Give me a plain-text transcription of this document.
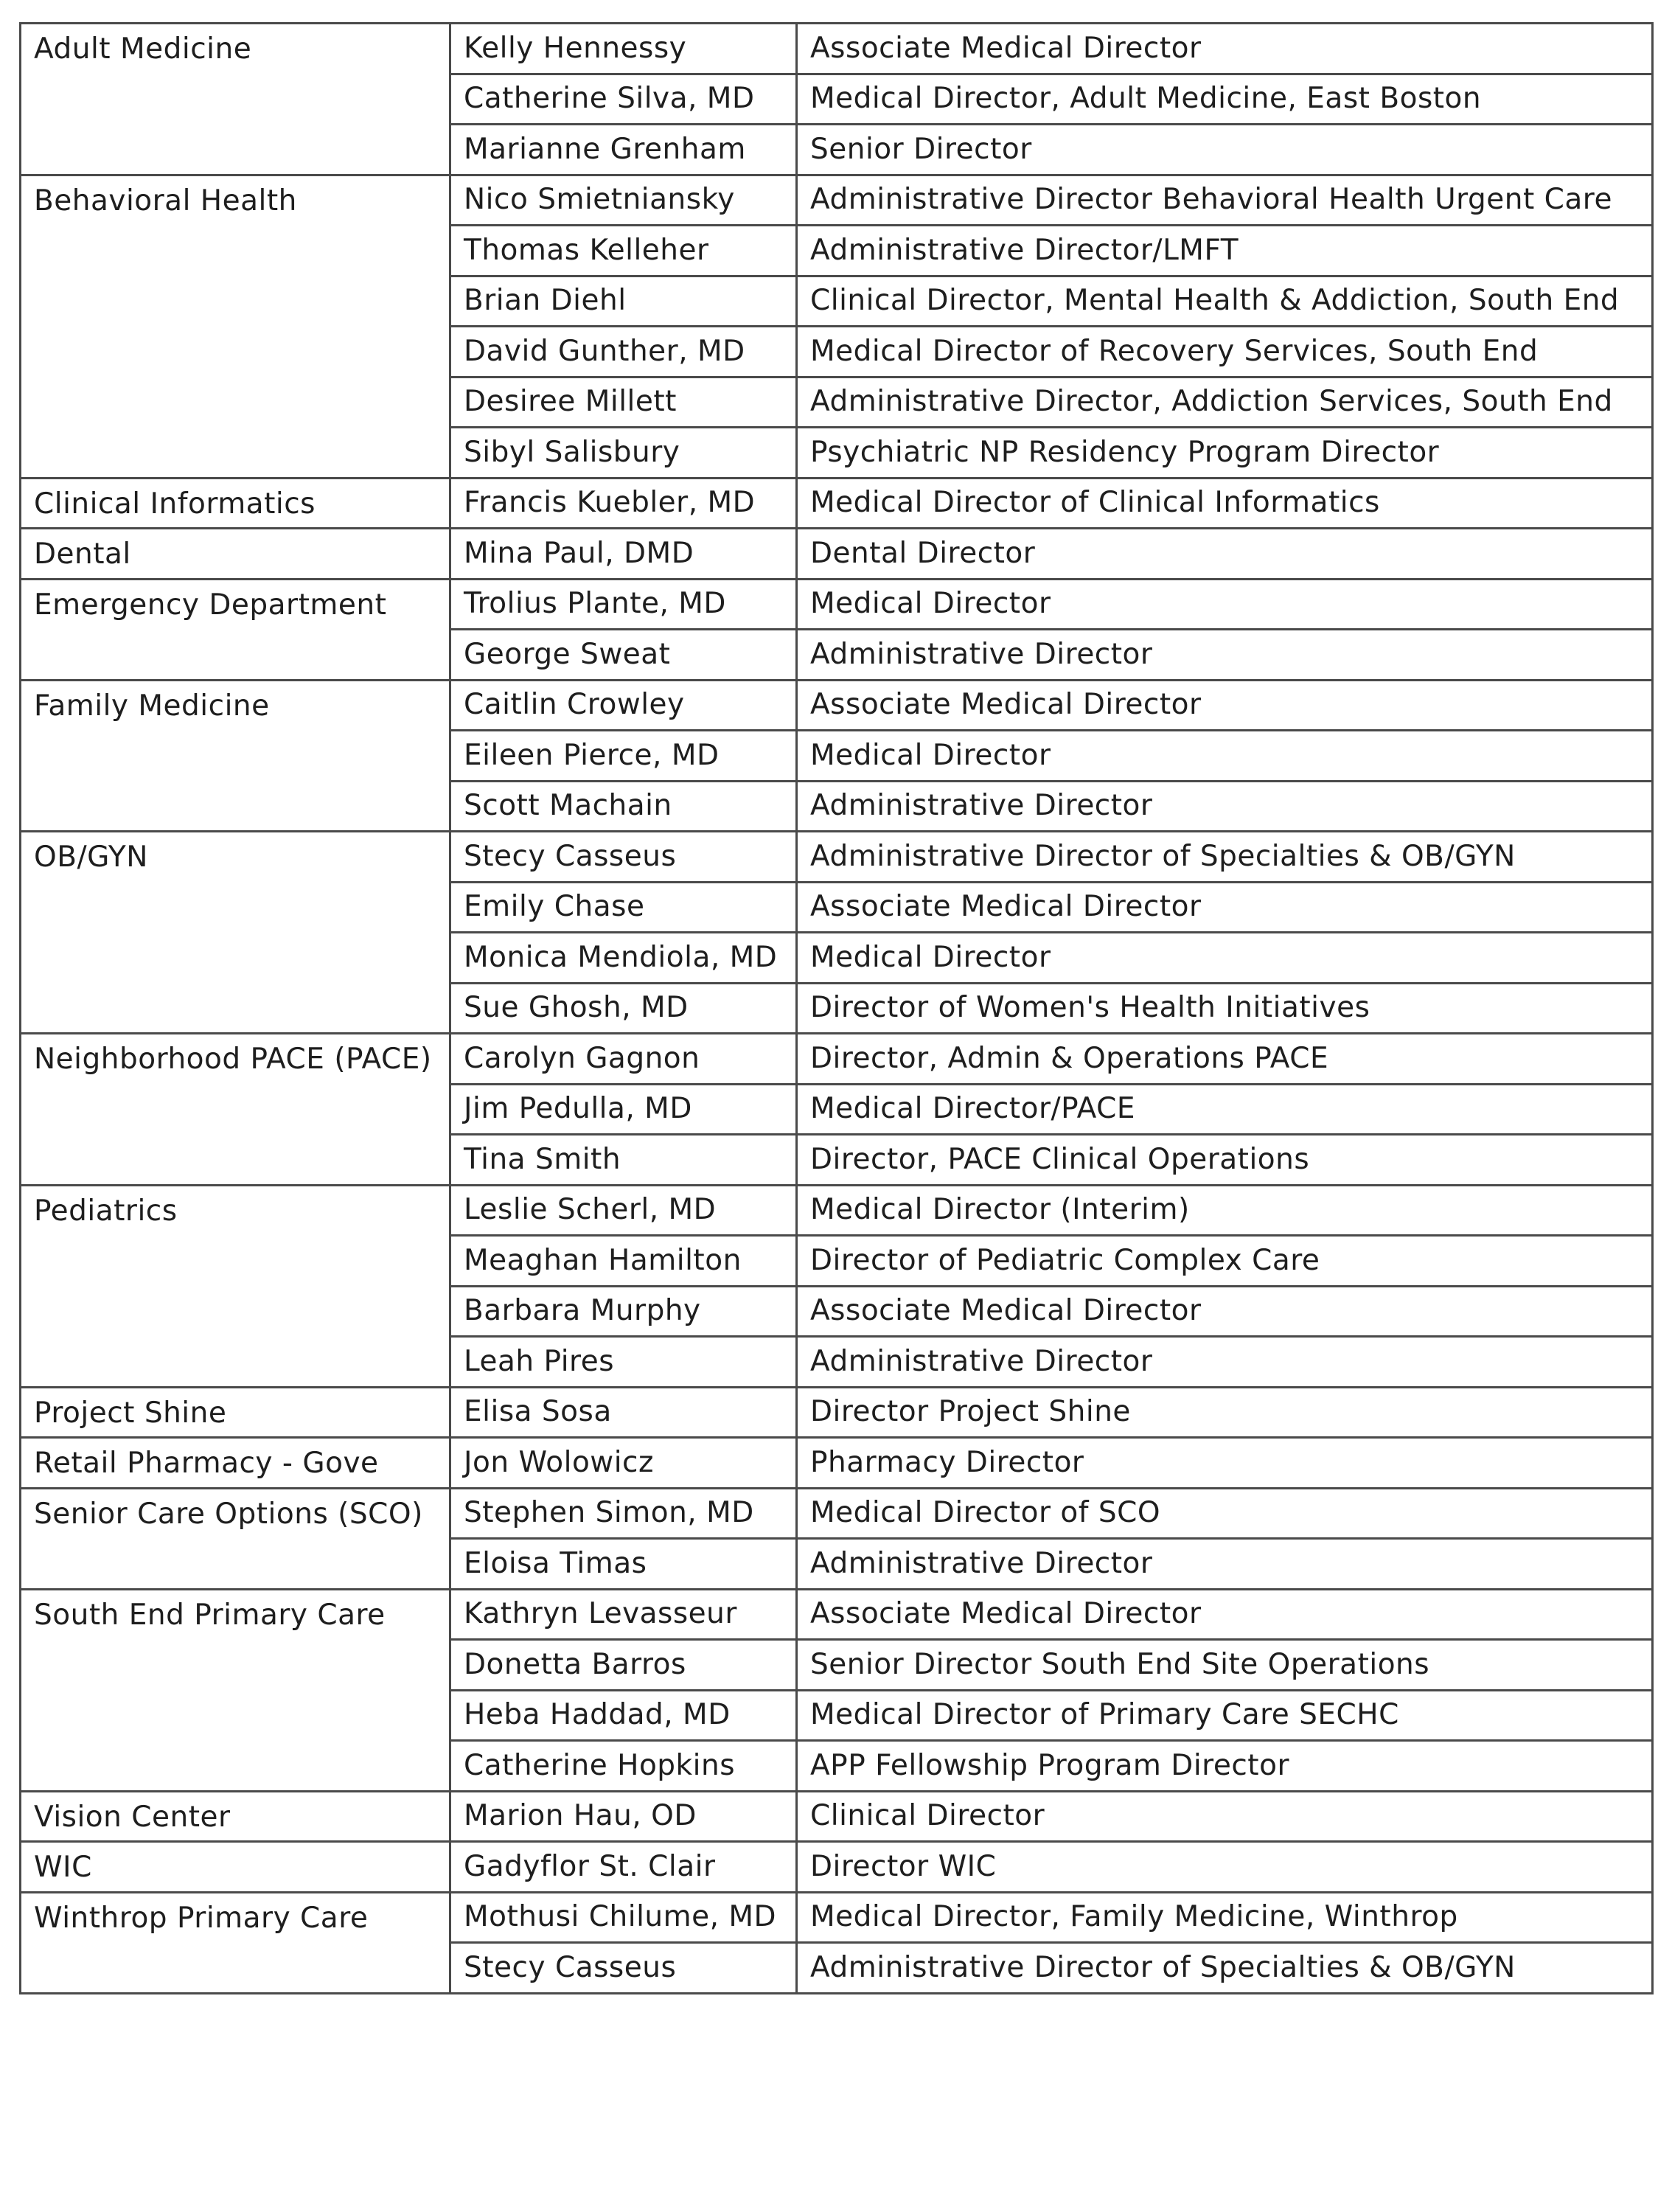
Adult Medicine	Kelly Hennessy	Associate Medical Director
	Catherine Silva, MD	Medical Director, Adult Medicine, East Boston
	Marianne Grenham	Senior Director
Behavioral Health	Nico Smietniansky	Administrative Director Behavioral Health Urgent Care
	Thomas Kelleher	Administrative Director/LMFT
	Brian Diehl	Clinical Director, Mental Health & Addiction, South End
	David Gunther, MD	Medical Director of Recovery Services, South End
	Desiree Millett	Administrative Director, Addiction Services, South End
	Sibyl Salisbury	Psychiatric NP Residency Program Director
Clinical Informatics	Francis Kuebler, MD	Medical Director of Clinical Informatics
Dental	Mina Paul, DMD	Dental Director
Emergency Department	Trolius Plante, MD	Medical Director
	George Sweat	Administrative Director
Family Medicine	Caitlin Crowley	Associate Medical Director
	Eileen Pierce, MD	Medical Director
	Scott Machain	Administrative Director
OB/GYN	Stecy Casseus	Administrative Director of Specialties & OB/GYN
	Emily Chase	Associate Medical Director
	Monica Mendiola, MD	Medical Director
	Sue Ghosh, MD	Director of Women's Health Initiatives
Neighborhood PACE (PACE)	Carolyn Gagnon	Director, Admin & Operations PACE
	Jim Pedulla, MD	Medical Director/PACE
	Tina Smith	Director, PACE Clinical Operations
Pediatrics	Leslie Scherl, MD	Medical Director (Interim)
	Meaghan Hamilton	Director of Pediatric Complex Care
	Barbara Murphy	Associate Medical Director
	Leah Pires	Administrative Director
Project Shine	Elisa Sosa	Director Project Shine
Retail Pharmacy - Gove	Jon Wolowicz	Pharmacy Director
Senior Care Options (SCO)	Stephen Simon, MD	Medical Director of SCO
	Eloisa Timas	Administrative Director
South End Primary Care	Kathryn Levasseur	Associate Medical Director
	Donetta Barros	Senior Director South End Site Operations
	Heba Haddad, MD	Medical Director of Primary Care SECHC
	Catherine Hopkins	APP Fellowship Program Director
Vision Center	Marion Hau, OD	Clinical Director
WIC	Gadyflor St. Clair	Director WIC
Winthrop Primary Care	Mothusi Chilume, MD	Medical Director, Family Medicine, Winthrop
	Stecy Casseus	Administrative Director of Specialties & OB/GYN
